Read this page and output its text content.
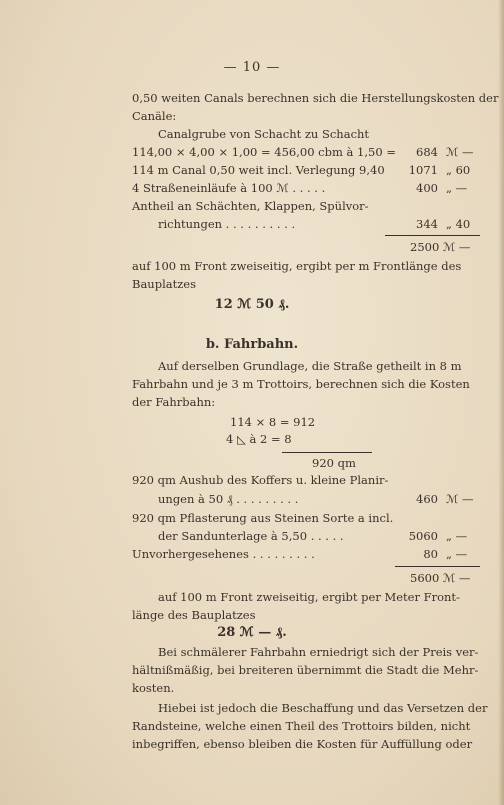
— 10 —
0,50 weiten Canals berechnen sich die Herstellungskosten der
Canäle:
Canalgrube von Schacht zu Schacht
114,00 × 4,00 × 1,00 = 456,00 cbm à 1,50 =	684 ℳ —
114 m Canal 0,50 weit incl. Verlegung 9,40	1071 „ 60
4 Straßeneinläufe à 100 ℳ . . . . .	400 „ —
Antheil an Schächten, Klappen, Spülvor-
richtungen . . . . . . . . . .	344 „ 40
2500 ℳ —
auf 100 m Front zweiseitig, ergibt per m Frontlänge des
Bauplatzes
12 ℳ 50 ₰.
b. Fahrbahn.
Auf derselben Grundlage, die Straße getheilt in 8 m
Fahrbahn und je 3 m Trottoirs, berechnen sich die Kosten
der Fahrbahn:
114 × 8 = 912
4 ◺ à 2 = 8
920 qm
920 qm Aushub des Koffers u. kleine Planir-
ungen à 50 ₰ . . . . . . . . .	460 ℳ —
920 qm Pflasterung aus Steinen Sorte a incl.
der Sandunterlage à 5,50 . . . . .	5060 „ —
Unvorhergesehenes . . . . . . . . .	80 „ —
5600 ℳ —
auf 100 m Front zweiseitig, ergibt per Meter Front-
länge des Bauplatzes
28 ℳ — ₰.
Bei schmälerer Fahrbahn erniedrigt sich der Preis ver-
hältnißmäßig, bei breiteren übernimmt die Stadt die Mehr-
kosten.
Hiebei ist jedoch die Beschaffung und das Versetzen der
Randsteine, welche einen Theil des Trottoirs bilden, nicht
inbegriffen, ebenso bleiben die Kosten für Auffüllung oder
